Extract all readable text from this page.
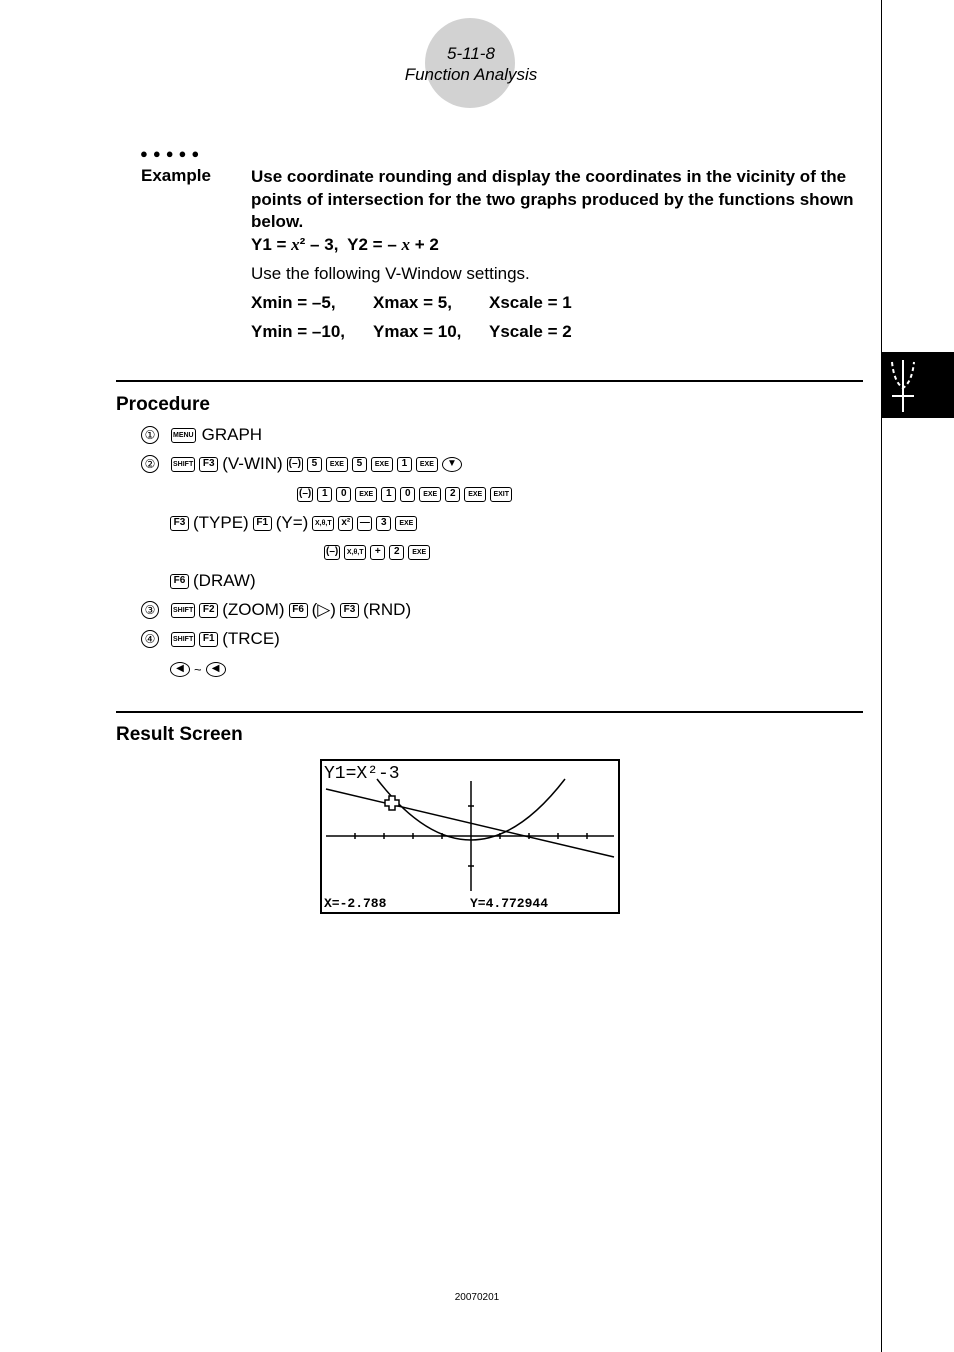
5-11-8
Function Analysis
●●●●●
Example Use coordinate rounding and display the coordinates in the vicinity of the points of intersection for the two graphs produced by the functions shown below.
Y1 = x² – 3, Y2 = – x + 2
Use the following V-Window settings.
Xmin = –5, Xmax = 5, Xscale = 1
Ymin = –10, Ymax = 10, Yscale = 2
Procedure
①	MENU GRAPH
②	SHIFT F3 (V-WIN) (–)	5	EXE	5	EXE	1	EXE	▼
(–)	1	0	EXE	1	0	EXE	2	EXE	EXIT
F3 (TYPE) F1 (Y=) X,θ,T x² —	3	EXE
(–)	X,θ,T	+	2	EXE
F6 (DRAW)
③	SHIFT F2 (ZOOM) F6 (▷) F3 (RND)
④	SHIFT F1 (TRCE)
◀ ~	◀
Result Screen
Y1=X²-3
X=-2.788	Y=4.772944
20070201
